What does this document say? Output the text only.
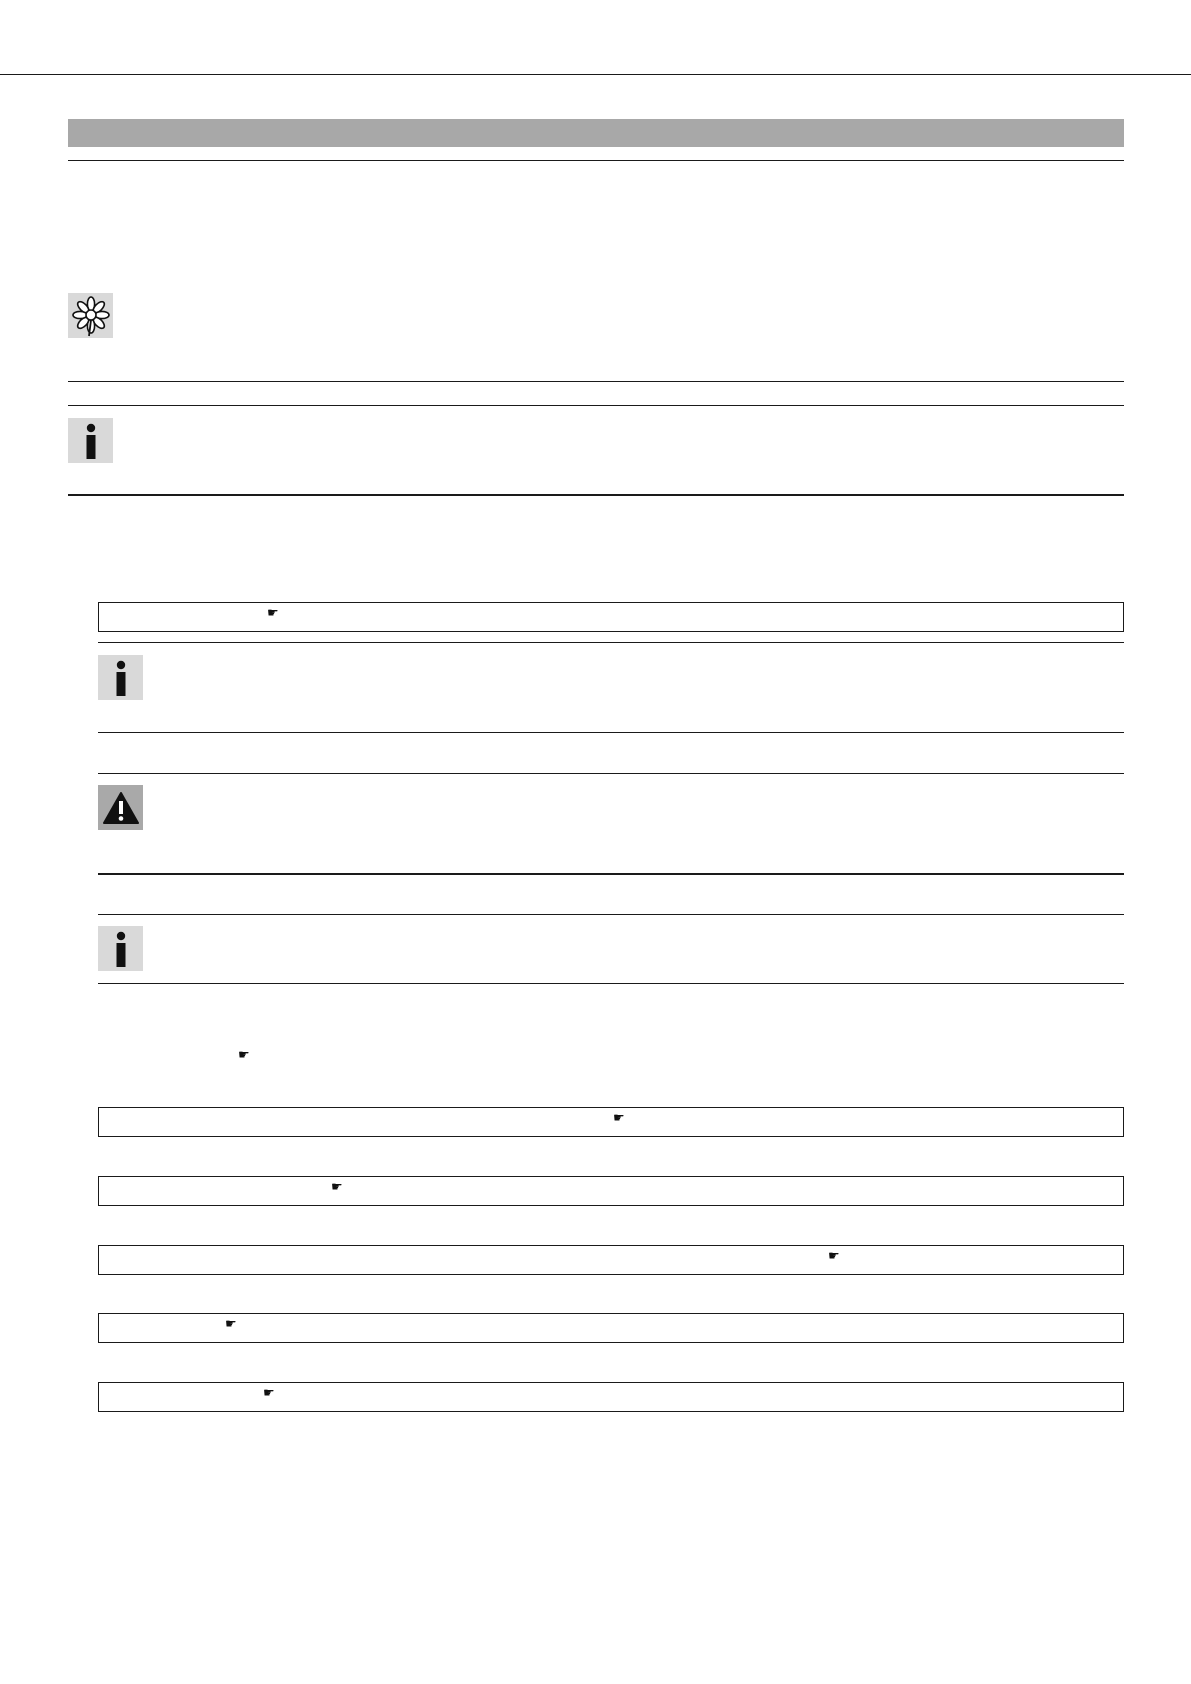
☛
☛
☛
☛
☛
☛
☛
